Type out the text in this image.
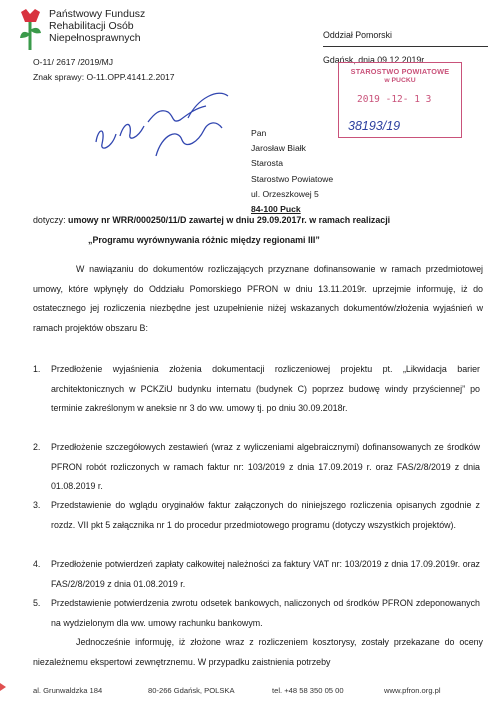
Państwowy Fundusz
Rehabilitacji Osób
Niepełnosprawnych
O-11/ 2617 /2019/MJ
Znak sprawy: O-11.OPP.4141.2.2017
Oddział Pomorski
Gdańsk, dnia 09.12.2019r.
STAROSTWO POWIATOWE
w PUCKU
2019 -12- 1 3
38193/19
Pan
Jarosław Białk
Starosta
Starostwo Powiatowe
ul. Orzeszkowej 5
84-100 Puck
dotyczy: umowy nr WRR/000250/11/D zawartej w dniu 29.09.2017r. w ramach realizacji
„Programu wyrównywania różnic między regionami III”
W nawiązaniu do dokumentów rozliczających przyznane dofinansowanie w ramach przedmiotowej umowy, które wpłynęły do Oddziału Pomorskiego PFRON w dniu 13.11.2019r. uprzejmie informuję, iż do ostatecznego jej rozliczenia niezbędne jest uzupełnienie niżej wskazanych dokumentów/złożenia wyjaśnień w ramach projektów obszaru B:
1. Przedłożenie wyjaśnienia złożenia dokumentacji rozliczeniowej projektu pt. „Likwidacja barier architektonicznych w PCKZiU budynku internatu (budynek C) poprzez budowę windy przyściennej” po terminie zakreślonym w aneksie nr 3 do ww. umowy tj. po dniu 30.09.2018r.
2. Przedłożenie szczegółowych zestawień (wraz z wyliczeniami algebraicznymi) dofinansowanych ze środków PFRON robót rozliczonych w ramach faktur nr: 103/2019 z dnia 17.09.2019 r. oraz FAS/2/8/2019 z dnia 01.08.2019 r.
3. Przedstawienie do wglądu oryginałów faktur załączonych do niniejszego rozliczenia opisanych zgodnie z rozdz. VII pkt 5 załącznika nr 1 do procedur przedmiotowego programu (dotyczy wszystkich projektów).
4. Przedłożenie potwierdzeń zapłaty całkowitej należności za faktury VAT nr: 103/2019 z dnia 17.09.2019r. oraz FAS/2/8/2019 z dnia 01.08.2019 r.
5. Przedstawienie potwierdzenia zwrotu odsetek bankowych, naliczonych od środków PFRON zdeponowanych na wydzielonym dla ww. umowy rachunku bankowym.
Jednocześnie informuję, iż złożone wraz z rozliczeniem kosztorysy, zostały przekazane do oceny niezależnemu ekspertowi zewnętrznemu. W przypadku zaistnienia potrzeby
al. Grunwaldzka 184	80-266 Gdańsk, POLSKA	tel. +48 58 350 05 00	www.pfron.org.pl
